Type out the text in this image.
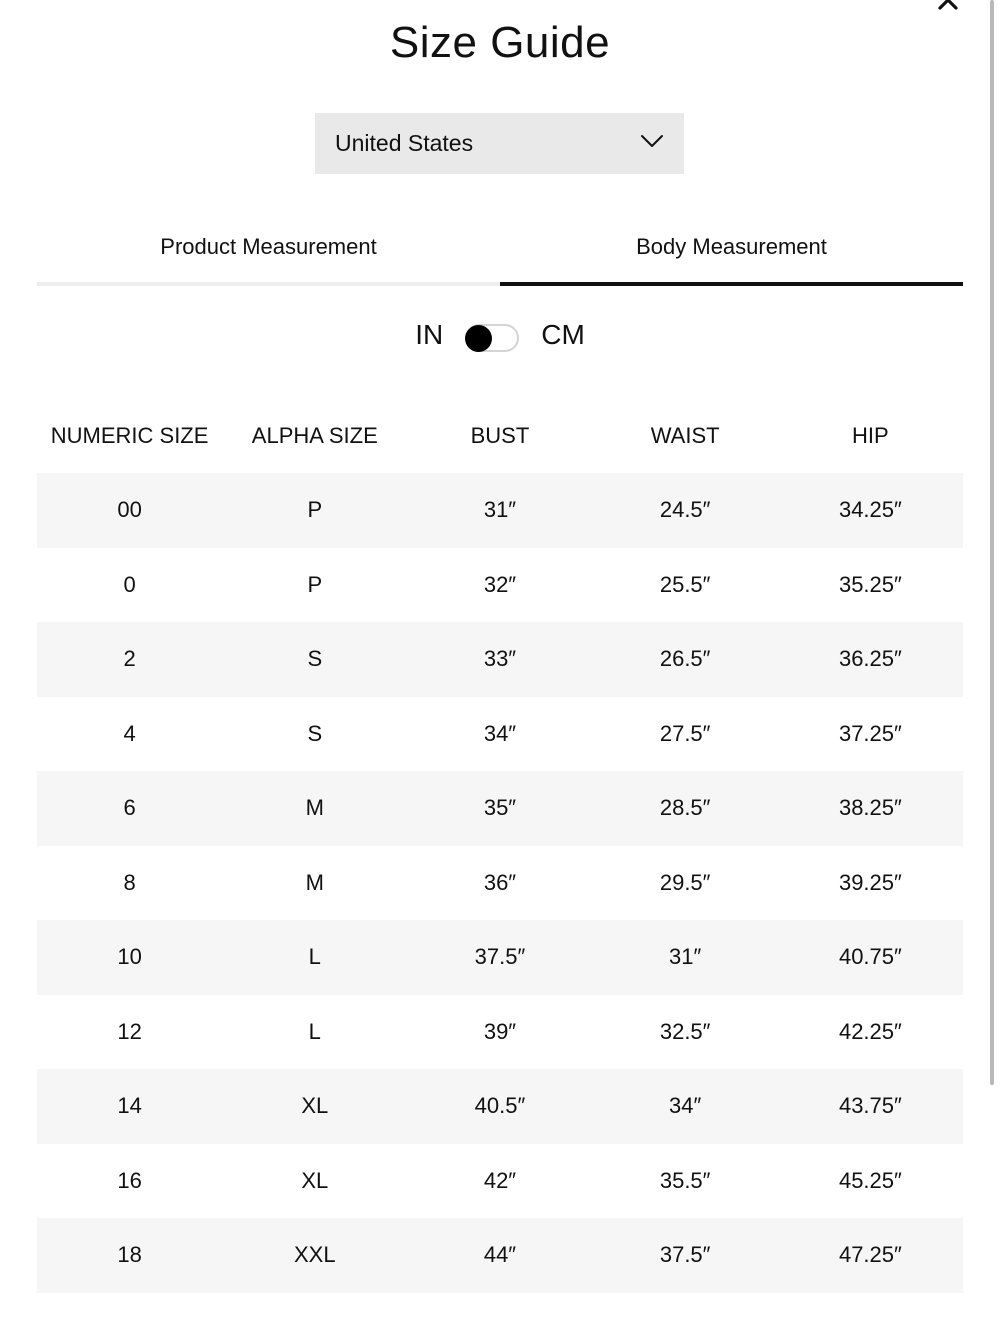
Size Guide
United States
Product Measurement	Body Measurement
IN	CM
NUMERIC SIZE	ALPHA SIZE	BUST	WAIST	HIP
00	P	31″	24.5″	34.25″
0	P	32″	25.5″	35.25″
2	S	33″	26.5″	36.25″
4	S	34″	27.5″	37.25″
6	M	35″	28.5″	38.25″
8	M	36″	29.5″	39.25″
10	L	37.5″	31″	40.75″
12	L	39″	32.5″	42.25″
14	XL	40.5″	34″	43.75″
16	XL	42″	35.5″	45.25″
18	XXL	44″	37.5″	47.25″
